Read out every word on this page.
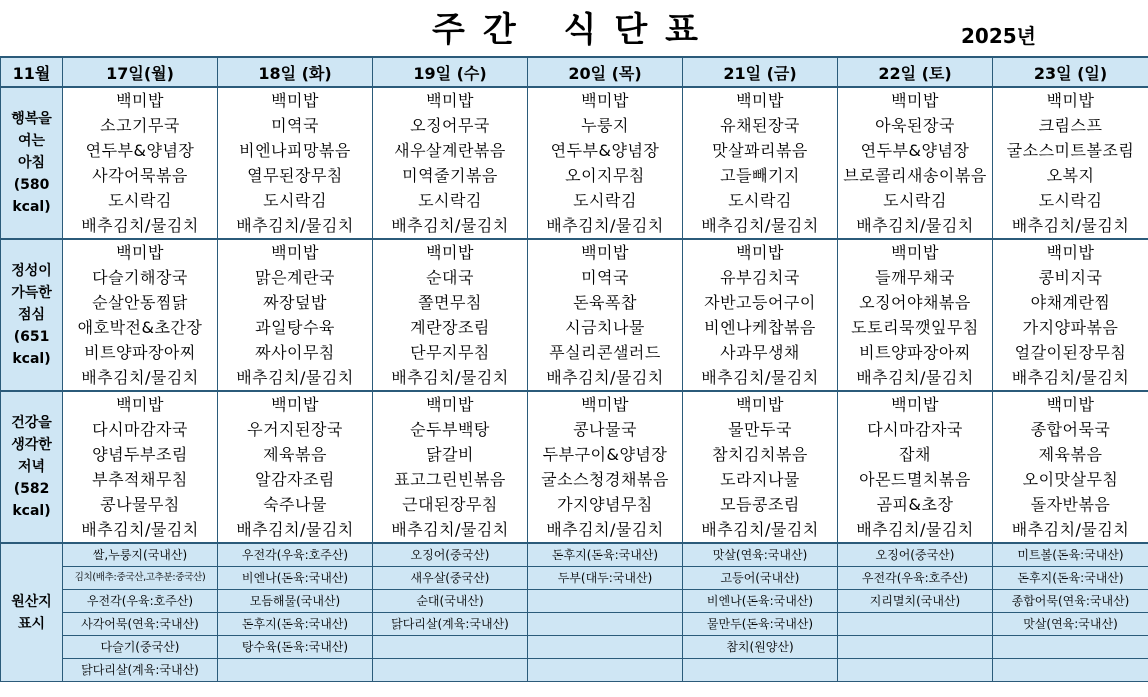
주간 식단표	2025년
11월	17일(월)	18일 (화)	19일 (수)	20일 (목)	21일 (금)	22일 (토)	23일 (일)

행복을
여는
아침
(580
kcal)	백미밥	백미밥	백미밥	백미밥	백미밥	백미밥	백미밥
	소고기무국	미역국	오징어무국	누룽지	유채된장국	아욱된장국	크림스프
	연두부&양념장	비엔나피망볶음	새우살계란볶음	연두부&양념장	맛살꽈리볶음	연두부&양념장	굴소스미트볼조림
	사각어묵볶음	열무된장무침	미역줄기볶음	오이지무침	고들빼기지	브로콜리새송이볶음	오복지
	도시락김	도시락김	도시락김	도시락김	도시락김	도시락김	도시락김
	배추김치/물김치	배추김치/물김치	배추김치/물김치	배추김치/물김치	배추김치/물김치	배추김치/물김치	배추김치/물김치

정성이
가득한
점심
(651
kcal)	백미밥	백미밥	백미밥	백미밥	백미밥	백미밥	백미밥
	다슬기해장국	맑은계란국	순대국	미역국	유부김치국	들깨무채국	콩비지국
	순살안동찜닭	짜장덮밥	쫄면무침	돈육폭찹	자반고등어구이	오징어야채볶음	야채계란찜
	애호박전&초간장	과일탕수육	계란장조림	시금치나물	비엔나케찹볶음	도토리묵깻잎무침	가지양파볶음
	비트양파장아찌	짜사이무침	단무지무침	푸실리콘샐러드	사과무생채	비트양파장아찌	얼갈이된장무침
	배추김치/물김치	배추김치/물김치	배추김치/물김치	배추김치/물김치	배추김치/물김치	배추김치/물김치	배추김치/물김치

건강을
생각한
저녁
(582
kcal)	백미밥	백미밥	백미밥	백미밥	백미밥	백미밥	백미밥
	다시마감자국	우거지된장국	순두부백탕	콩나물국	물만두국	다시마감자국	종합어묵국
	양념두부조림	제육볶음	닭갈비	두부구이&양념장	참치김치볶음	잡채	제육볶음
	부추적채무침	알감자조림	표고그린빈볶음	굴소스청경채볶음	도라지나물	아몬드멸치볶음	오이맛살무침
	콩나물무침	숙주나물	근대된장무침	가지양념무침	모듬콩조림	곰피&초장	돌자반볶음
	배추김치/물김치	배추김치/물김치	배추김치/물김치	배추김치/물김치	배추김치/물김치	배추김치/물김치	배추김치/물김치

원산지
표시	쌀,누룽지(국내산)	우전각(우육:호주산)	오징어(중국산)	돈후지(돈육:국내산)	맛살(연육:국내산)	오징어(중국산)	미트볼(돈육:국내산)
	김치(배추:중국산,고추분:중국산)	비엔나(돈육:국내산)	새우살(중국산)	두부(대두:국내산)	고등어(국내산)	우전각(우육:호주산)	돈후지(돈육:국내산)
	우전각(우육:호주산)	모듬해물(국내산)	순대(국내산)		비엔나(돈육:국내산)	지리멸치(국내산)	종합어묵(연육:국내산)
	사각어묵(연육:국내산)	돈후지(돈육:국내산)	닭다리살(계육:국내산)		물만두(돈육:국내산)		맛살(연육:국내산)
	다슬기(중국산)	탕수육(돈육:국내산)			참치(원양산)		
	닭다리살(계육:국내산)						
